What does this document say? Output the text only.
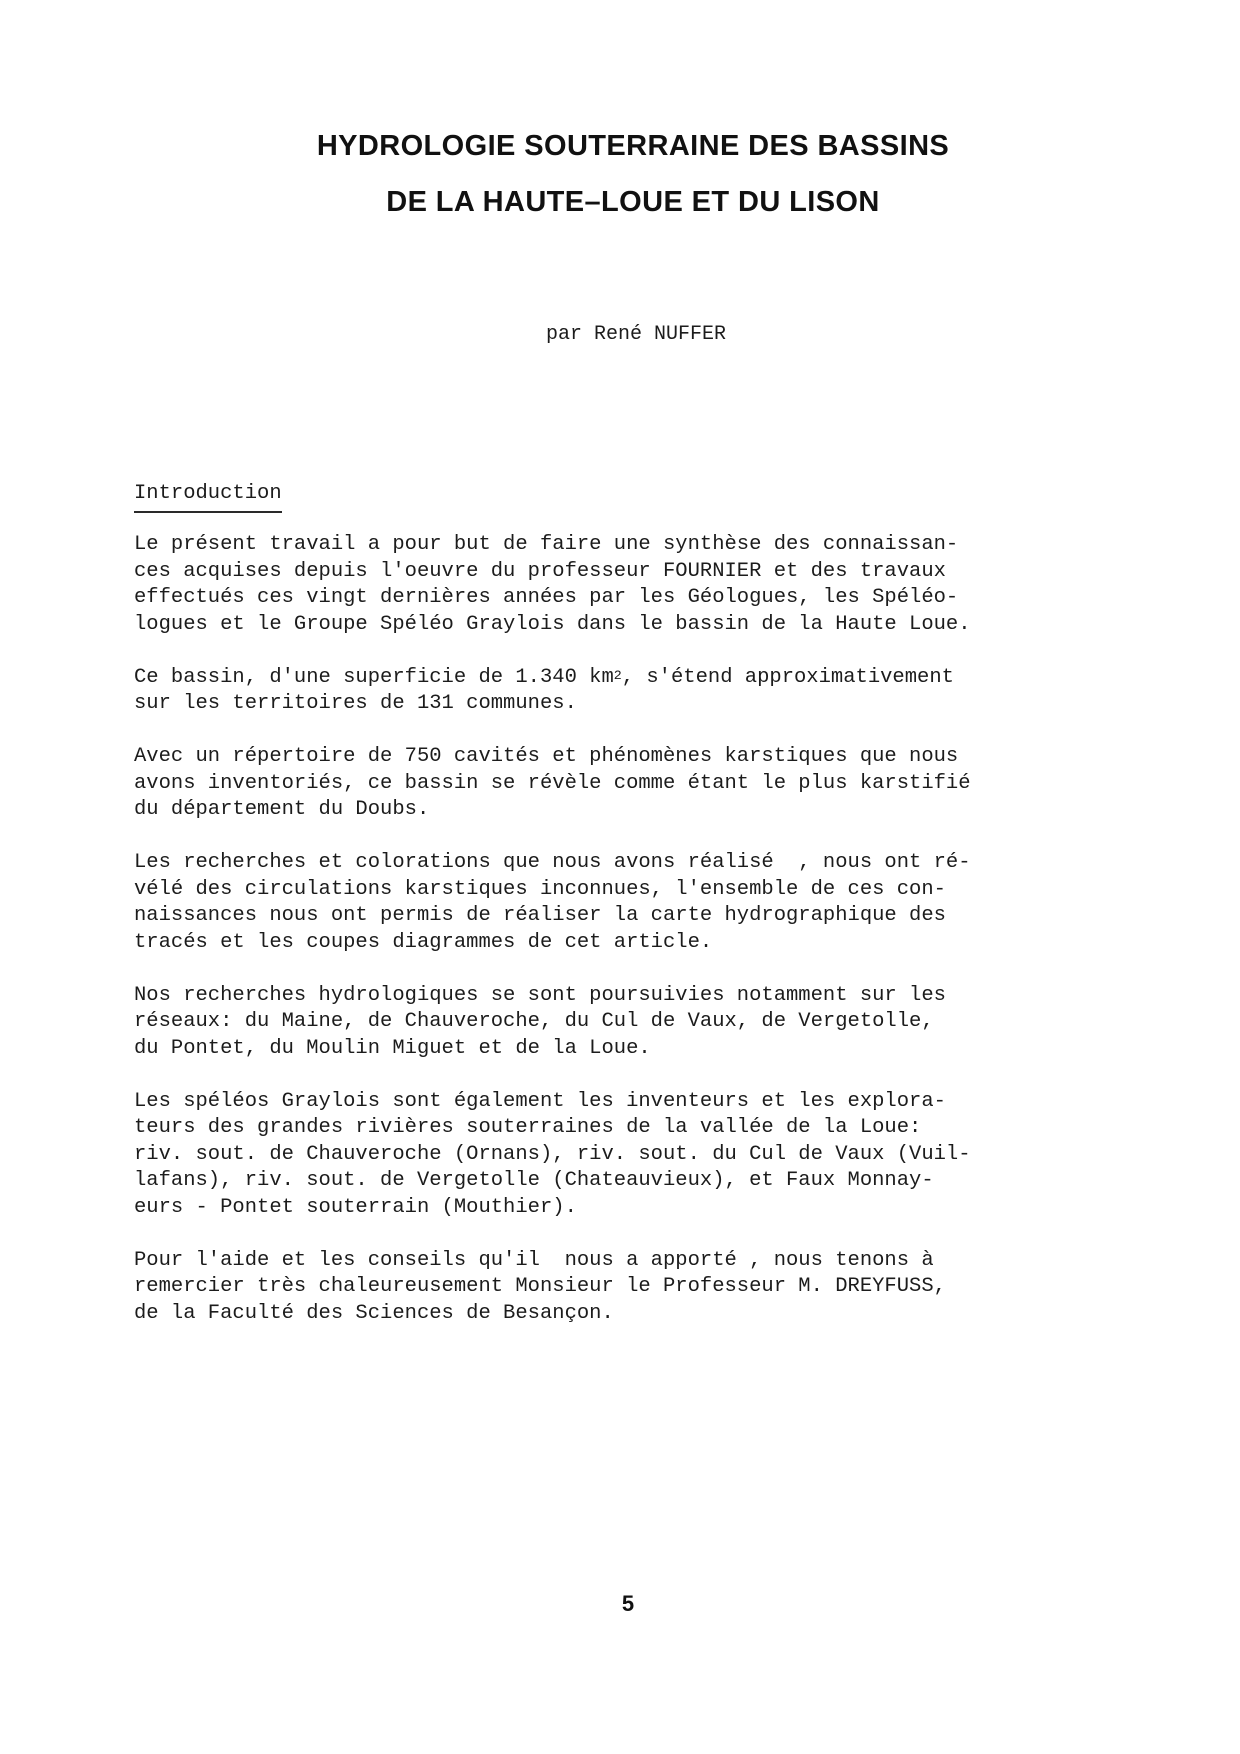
HYDROLOGIE SOUTERRAINE DES BASSINS
DE LA HAUTE–LOUE ET DU LISON
par René NUFFER
Introduction
Le présent travail a pour but de faire une synthèse des connaissan-
ces acquises depuis l'oeuvre du professeur FOURNIER et des travaux
effectués ces vingt dernières années par les Géologues, les Spéléo-
logues et le Groupe Spéléo Graylois dans le bassin de la Haute Loue.
Ce bassin, d'une superficie de 1.340 $km^2$, s'étend approximativement
sur les territoires de 131 communes.
Avec un répertoire de 750 cavités et phénomènes karstiques que nous
avons inventoriés, ce bassin se révèle comme étant le plus karstifié
du département du Doubs.
Les recherches et colorations que nous avons réalisé  , nous ont ré-
vélé des circulations karstiques inconnues, l'ensemble de ces con-
naissances nous ont permis de réaliser la carte hydrographique des
tracés et les coupes diagrammes de cet article.
Nos recherches hydrologiques se sont poursuivies notamment sur les
réseaux: du Maine, de Chauveroche, du Cul de Vaux, de Vergetolle,
du Pontet, du Moulin Miguet et de la Loue.
Les spéléos Graylois sont également les inventeurs et les explora-
teurs des grandes rivières souterraines de la vallée de la Loue:
riv. sout. de Chauveroche (Ornans), riv. sout. du Cul de Vaux (Vuil-
lafans), riv. sout. de Vergetolle (Chateauvieux), et Faux Monnay-
eurs - Pontet souterrain (Mouthier).
Pour l'aide et les conseils qu'il  nous a apporté , nous tenons à
remercier très chaleureusement Monsieur le Professeur M. DREYFUSS,
de la Faculté des Sciences de Besançon.
5
